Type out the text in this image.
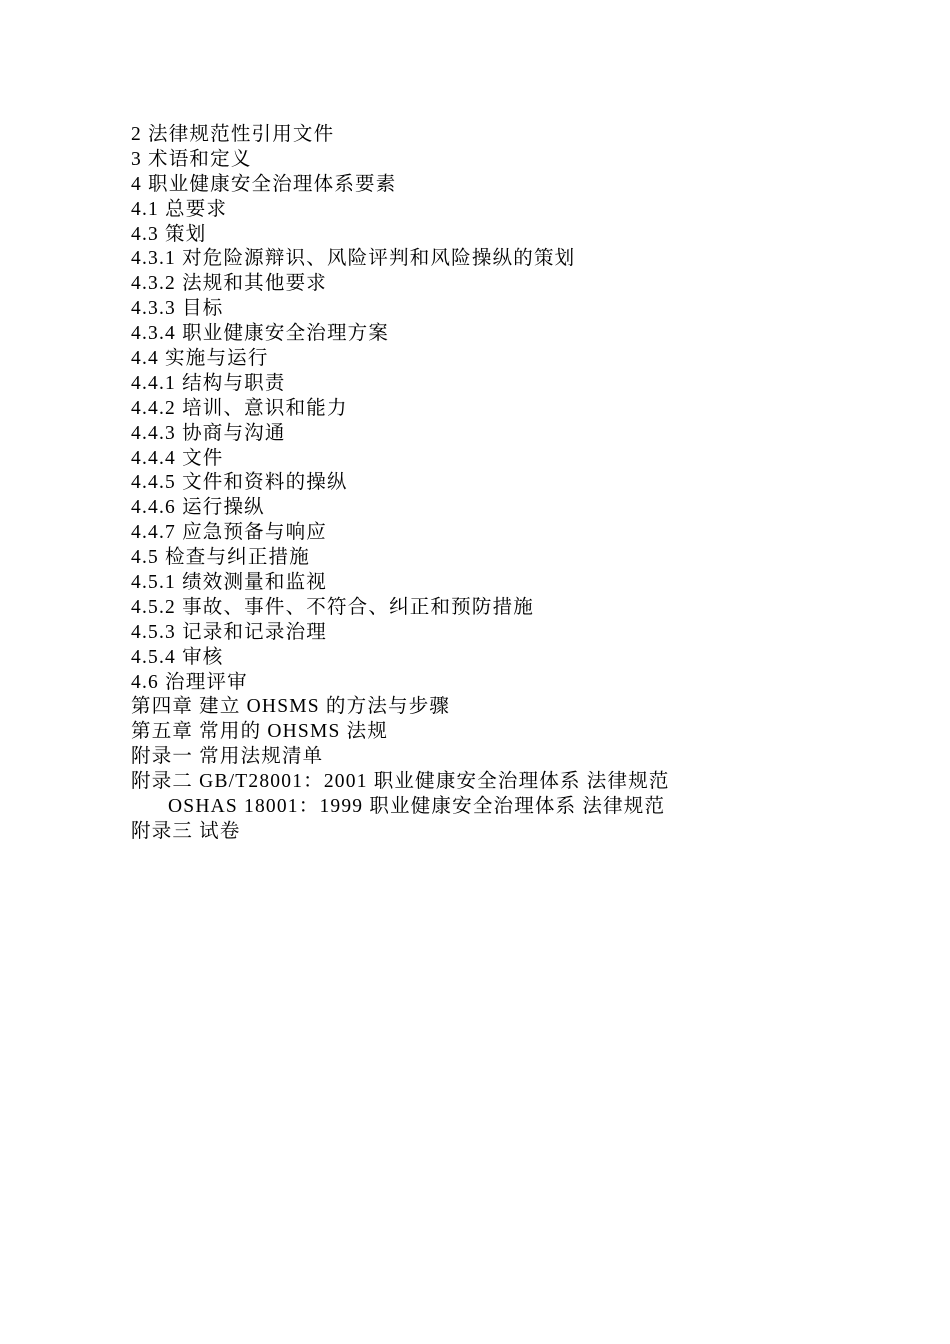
2 法律规范性引用文件
3 术语和定义
4 职业健康安全治理体系要素
4.1 总要求
4.3 策划
4.3.1 对危险源辩识、风险评判和风险操纵的策划
4.3.2 法规和其他要求
4.3.3 目标
4.3.4 职业健康安全治理方案
4.4 实施与运行
4.4.1 结构与职责
4.4.2 培训、意识和能力
4.4.3 协商与沟通
4.4.4 文件
4.4.5 文件和资料的操纵
4.4.6 运行操纵
4.4.7 应急预备与响应
4.5 检查与纠正措施
4.5.1 绩效测量和监视
4.5.2 事故、事件、不符合、纠正和预防措施
4.5.3 记录和记录治理
4.5.4 审核
4.6 治理评审
第四章 建立 OHSMS 的方法与步骤
第五章 常用的 OHSMS 法规
附录一 常用法规清单
附录二 GB/T28001：2001 职业健康安全治理体系 法律规范
OSHAS 18001：1999 职业健康安全治理体系 法律规范
附录三 试卷
